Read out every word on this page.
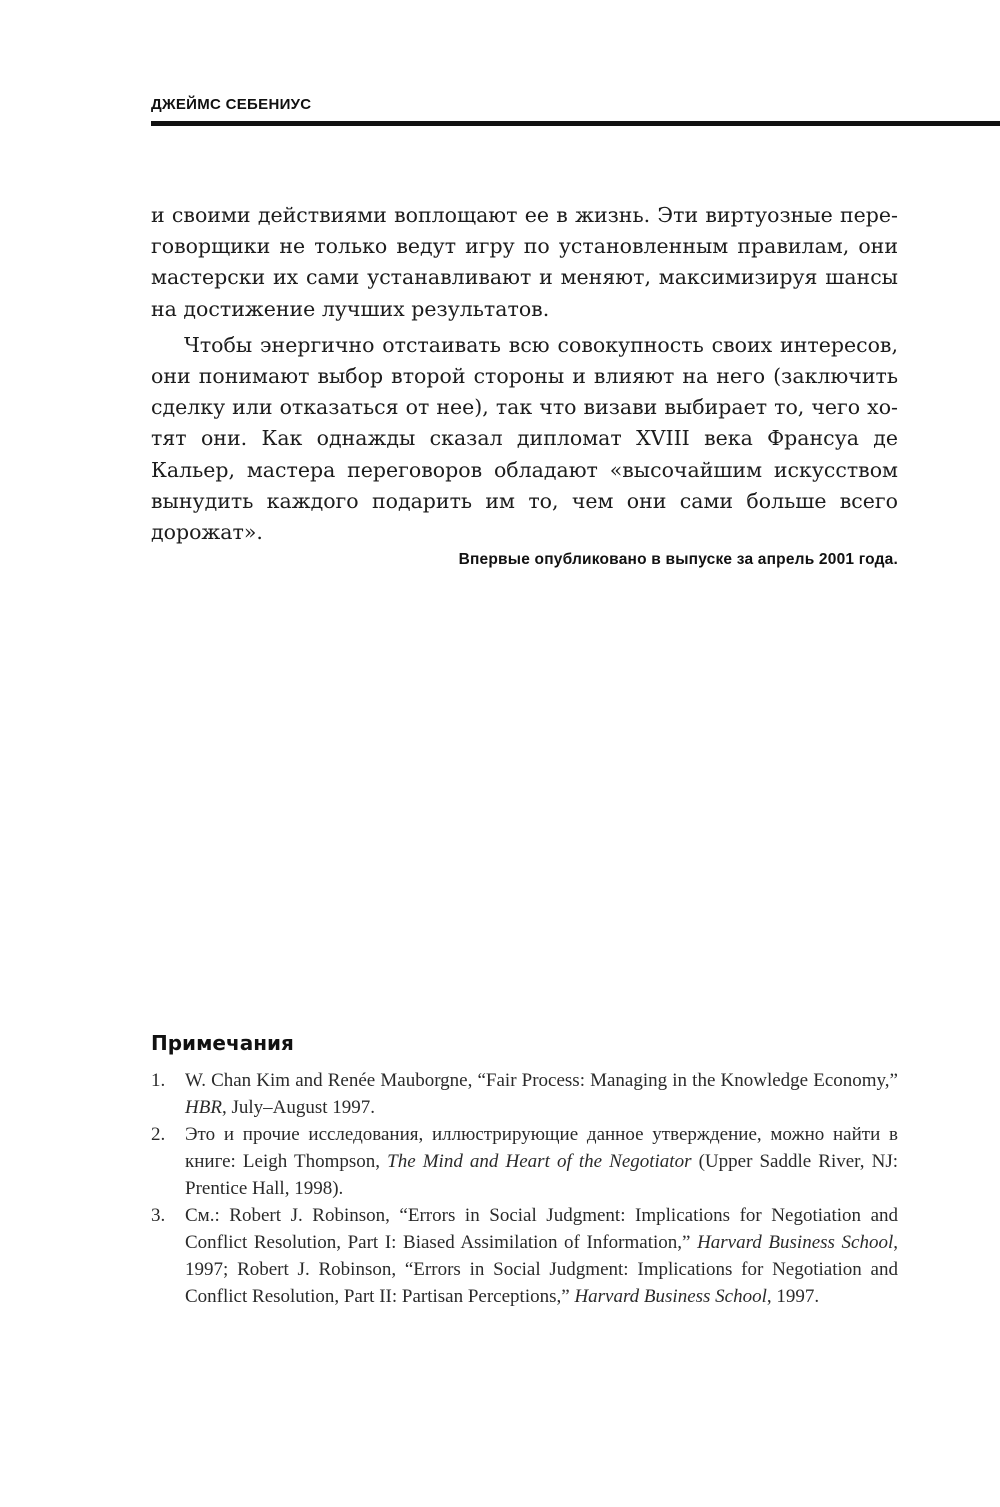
ДЖЕЙМС СЕБЕНИУС

и своими действиями воплощают ее в жизнь. Эти виртуозные пере-говорщики не только ведут игру по установленным правилам, они мастерски их сами устанавливают и меняют, максимизируя шансы на достижение лучших результатов.

Чтобы энергично отстаивать всю совокупность своих интересов, они понимают выбор второй стороны и влияют на него (заключить сделку или отказаться от нее), так что визави выбирает то, чего хо-тят они. Как однажды сказал дипломат XVIII века Франсуа де Кальер, мастера переговоров обладают «высочайшим искусством вынудить каждого подарить им то, чем они сами больше всего дорожат».

Впервые опубликовано в выпуске за апрель 2001 года.
Примечания
1.	W. Chan Kim and Renée Mauborgne, “Fair Process: Managing in the Knowledge Economy,” HBR, July–August 1997.
2.	Это и прочие исследования, иллюстрирующие данное утверждение, можно найти в книге: Leigh Thompson, The Mind and Heart of the Negotiator (Upper Saddle River, NJ: Prentice Hall, 1998).
3.	См.: Robert J. Robinson, “Errors in Social Judgment: Implications for Negotiation and Conflict Resolution, Part I: Biased Assimilation of Information,” Harvard Business School, 1997; Robert J. Robinson, “Errors in Social Judgment: Implications for Negotiation and Conflict Resolution, Part II: Partisan Perceptions,” Harvard Business School, 1997.
